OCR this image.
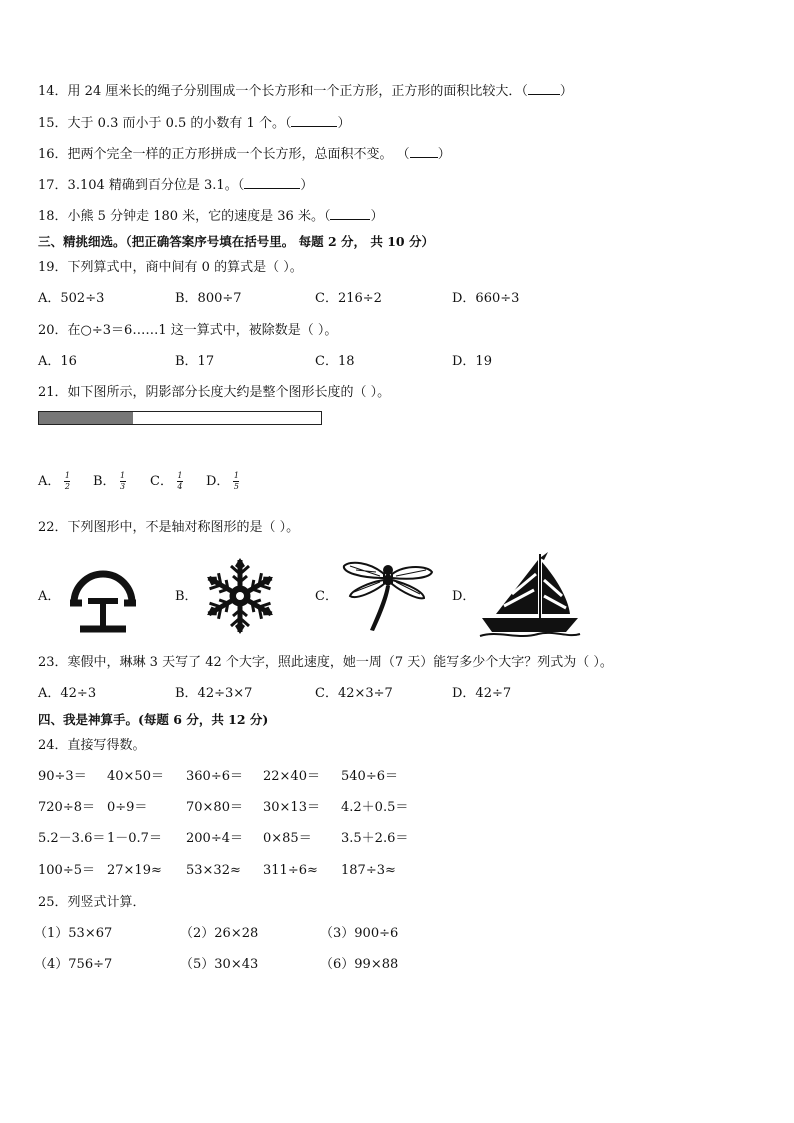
14．用 24 厘米长的绳子分别围成一个长方形和一个正方形，正方形的面积比较大．（ ）
15．大于 0.3 而小于 0.5 的小数有 1 个。（	）
16．把两个完全一样的正方形拼成一个长方形，总面积不变。 （ ）
17．3.104 精确到百分位是 3.1。（	）
18．小熊 5 分钟走 180 米，它的速度是 36 米。（	）
三、精挑细选。（把正确答案序号填在括号里。 每题 2 分， 共 10 分）
19．下列算式中，商中间有 0 的算式是（ ）。
A．502÷3	B．800÷7	C．216÷2	D．660÷3
20．在○÷3＝6……1 这一算式中，被除数是（ ）。
A．16	B．17	C．18	D．19
21．如下图所示，阴影部分长度大约是整个图形长度的（ ）。
A． $\frac{1}{2}$ B． $\frac{1}{3}$ C． $\frac{1}{4}$ D． $\frac{1}{5}$
22．下列图形中，不是轴对称图形的是（ ）。
A．	B．	C．	D．
23．寒假中，琳琳 3 天写了 42 个大字，照此速度，她一周（7 天）能写多少个大字？列式为（ ）。
A．42÷3	B．42÷3×7	C．42×3÷7	D．42÷7
四、我是神算手。(每题 6 分，共 12 分)
24．直接写得数。
90÷3＝ 40×50＝ 360÷6＝ 22×40＝ 540÷6＝
720÷8＝ 0÷9＝	70×80＝ 30×13＝ 4.2＋0.5＝
5.2－3.6＝ 1－0.7＝ 200÷4＝ 0×85＝ 3.5＋2.6＝
100÷5＝ 27×19≈ 53×32≈ 311÷6≈ 187÷3≈
25．列竖式计算．
（1）53×67	（2）26×28	（3）900÷6
（4）756÷7	（5）30×43	（6）99×88
